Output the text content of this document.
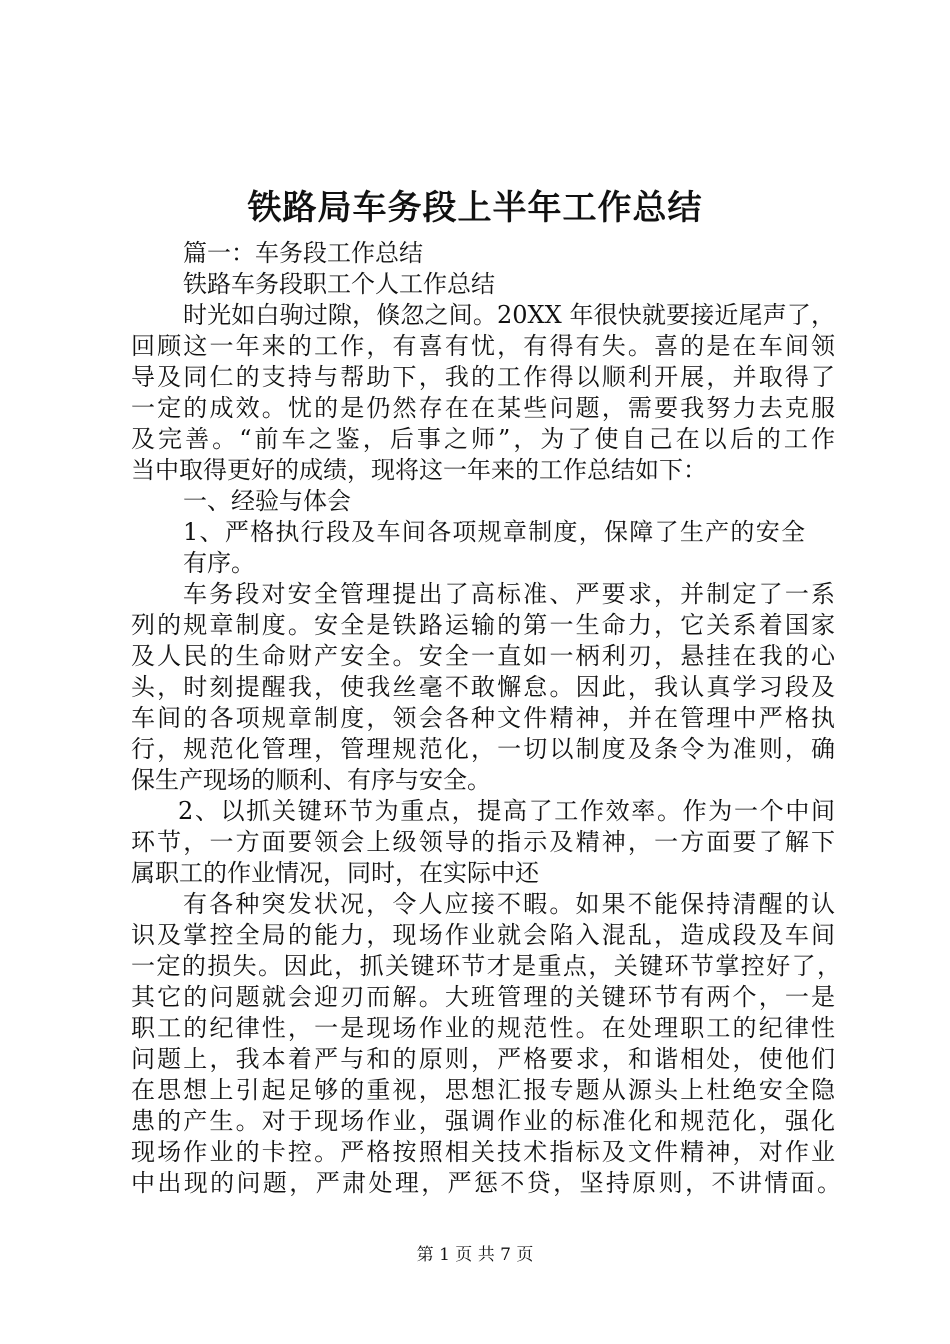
铁路局车务段上半年工作总结
篇一：车务段工作总结
铁路车务段职工个人工作总结
时光如白驹过隙，倏忽之间。20XX 年很快就要接近尾声了，
回顾这一年来的工作，有喜有忧，有得有失。喜的是在车间领
导及同仁的支持与帮助下，我的工作得以顺利开展，并取得了
一定的成效。忧的是仍然存在在某些问题，需要我努力去克服
及完善。“前车之鉴，后事之师”，为了使自己在以后的工作
当中取得更好的成绩，现将这一年来的工作总结如下：
一、经验与体会
1、严格执行段及车间各项规章制度，保障了生产的安全
有序。
车务段对安全管理提出了高标准、严要求，并制定了一系
列的规章制度。安全是铁路运输的第一生命力，它关系着国家
及人民的生命财产安全。安全一直如一柄利刃，悬挂在我的心
头，时刻提醒我，使我丝毫不敢懈怠。因此，我认真学习段及
车间的各项规章制度，领会各种文件精神，并在管理中严格执
行，规范化管理，管理规范化，一切以制度及条令为准则，确
保生产现场的顺利、有序与安全。
2、以抓关键环节为重点，提高了工作效率。作为一个中间
环节，一方面要领会上级领导的指示及精神，一方面要了解下
属职工的作业情况，同时，在实际中还
有各种突发状况，令人应接不暇。如果不能保持清醒的认
识及掌控全局的能力，现场作业就会陷入混乱，造成段及车间
一定的损失。因此，抓关键环节才是重点，关键环节掌控好了，
其它的问题就会迎刃而解。大班管理的关键环节有两个，一是
职工的纪律性，一是现场作业的规范性。在处理职工的纪律性
问题上，我本着严与和的原则，严格要求，和谐相处，使他们
在思想上引起足够的重视，思想汇报专题从源头上杜绝安全隐
患的产生。对于现场作业，强调作业的标准化和规范化，强化
现场作业的卡控。严格按照相关技术指标及文件精神，对作业
中出现的问题，严肃处理，严惩不贷，坚持原则，不讲情面。
第 1 页 共 7 页
